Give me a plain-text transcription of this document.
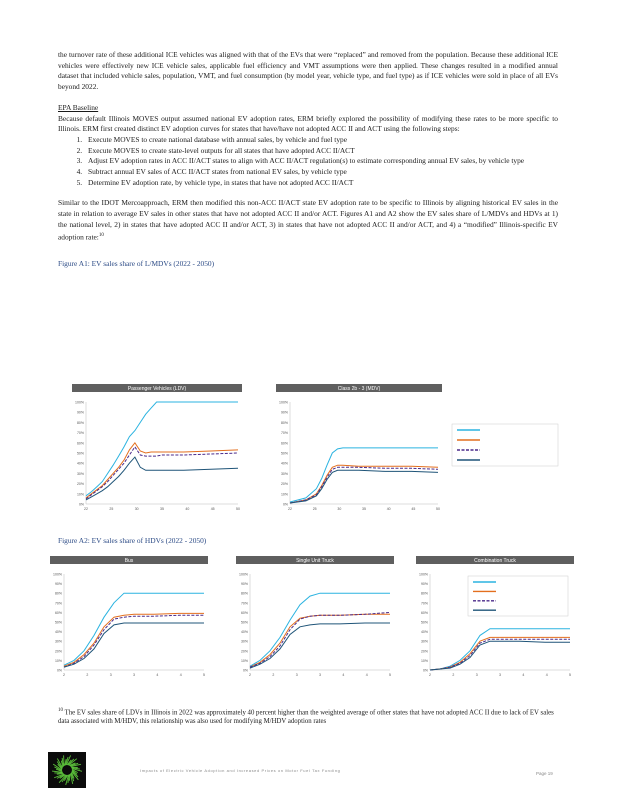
the turnover rate of these additional ICE vehicles was aligned with that of the EVs that were “replaced” and removed from the population. Because these additional ICE vehicles were effectively new ICE vehicle sales, applicable fuel efficiency and VMT assumptions were then applied. These changes resulted in a modified annual dataset that included vehicle sales, population, VMT, and fuel consumption (by model year, vehicle type, and fuel type) as if ICE vehicles were sold in place of all EVs beyond 2022.

EPA Baseline

Because default Illinois MOVES output assumed national EV adoption rates, ERM briefly explored the possibility of modifying these rates to be more specific to Illinois. ERM first created distinct EV adoption curves for states that have/have not adopted ACC II and ACT using the following steps:

1. Execute MOVES to create national database with annual sales, by vehicle and fuel type
2. Execute MOVES to create state-level outputs for all states that have adopted ACC II/ACT
3. Adjust EV adoption rates in ACC II/ACT states to align with ACC II/ACT regulation(s) to estimate corresponding annual EV sales, by vehicle type
4. Subtract annual EV sales of ACC II/ACT states from national EV sales, by vehicle type
5. Determine EV adoption rate, by vehicle type, in states that have not adopted ACC II/ACT

Similar to the IDOT Mercoapproach, ERM then modified this non-ACC II/ACT state EV adoption rate to be specific to Illinois by aligning historical EV sales in the state in relation to average EV sales in other states that have not adopted ACC II and/or ACT. Figures A1 and A2 show the EV sales share of L/MDVs and HDVs at 1) the national level, 2) in states that have adopted ACC II and/or ACT, 3) in states that have not adopted ACC II and/or ACT, and 4) a “modified” Illinois-specific EV adoption rate:$^{10}$

Figure A1: EV sales share of L/MDVs (2022 - 2050)

Passenger Vehicles (LDV)
0%
10%
20%
30%
40%
50%
60%
70%
80%
90%
100%
22	25	30	35	40	45	50
Class 2b - 3 (MDV)
0%
10%
20%
30%
40%
50%
60%
70%
80%
90%
100%
22	25	30	35	40	45	50

Figure A2: EV sales share of HDVs (2022 - 2050)

Bus
0%
10%
20%
30%
40%
50%
60%
70%
80%
90%
100%
2	2	3	3	4	4	5
Single Unit Truck
0%
10%
20%
30%
40%
50%
60%
70%
80%
90%
100%
2	2	3	3	4	4	5
Combination Truck
0%
10%
20%
30%
40%
50%
60%
70%
80%
90%
100%
2	2	3	3	4	4	5

$^{10}$ The EV sales share of LDVs in Illinois in 2022 was approximately 40 percent higher than the weighted average of other states that have not adopted ACC II due to lack of EV sales data associated with M/HDV, this relationship was also used for modifying M/HDV adoption rates

Impacts of Electric Vehicle Adoption and Increased Prices on Motor Fuel Tax Funding
Page 19
